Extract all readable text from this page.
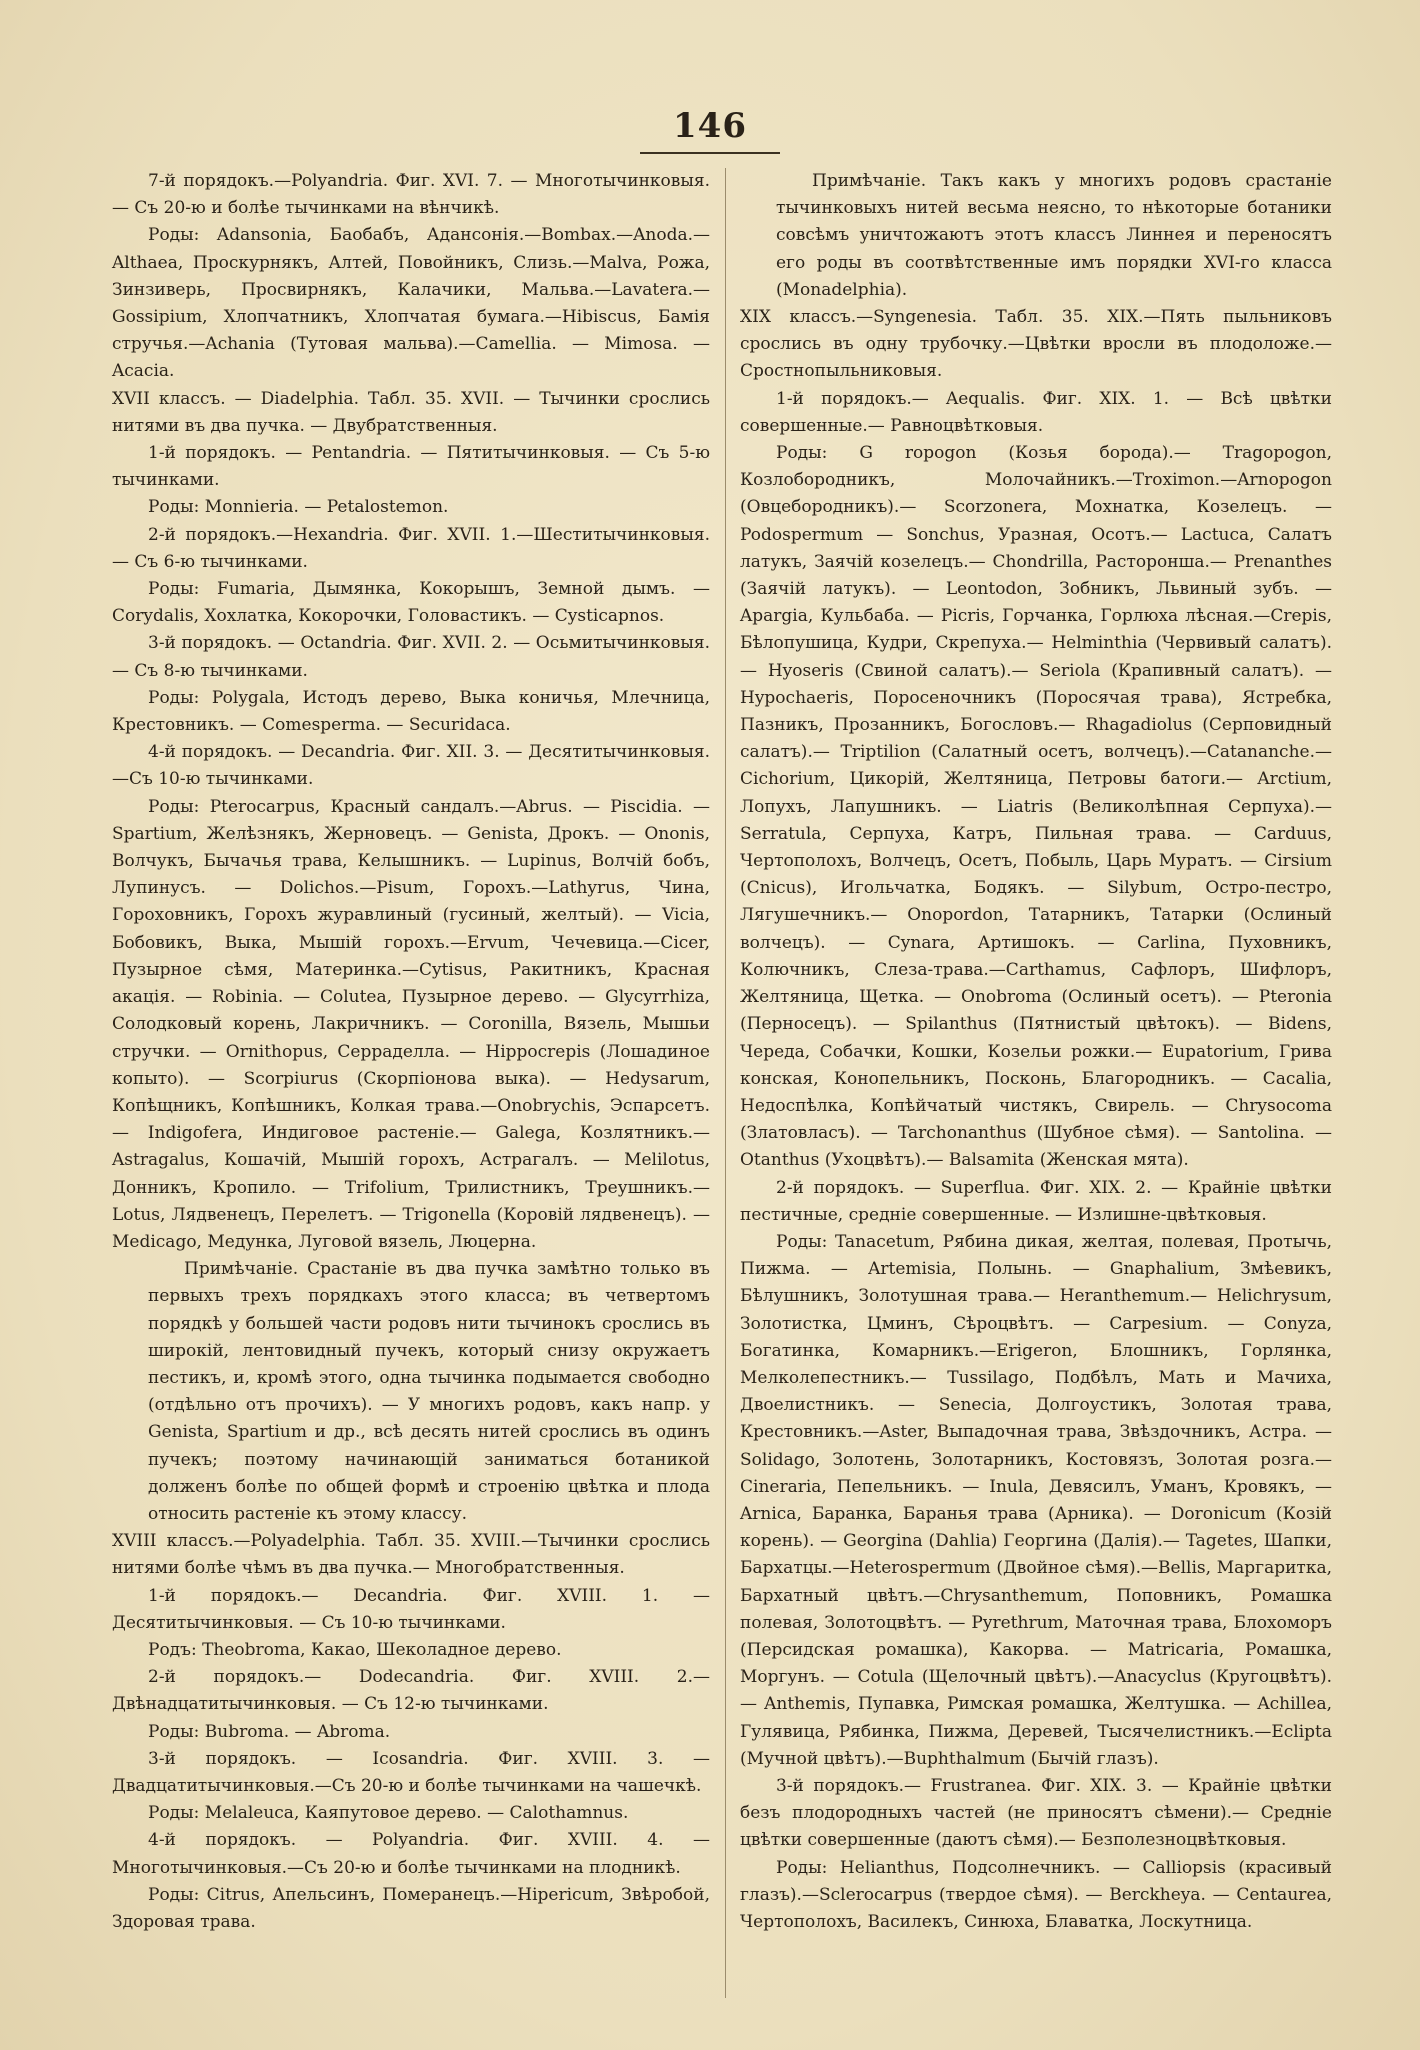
146

7-й порядокъ.—Polyandria. Фиг. XVI. 7. — Многотычинковыя. — Съ 20-ю и болѣе тычинками на вѣнчикѣ.

Роды: Adansonia, Баобабъ, Адансонія.—Bombax.—Anoda.—Althaea, Проскурнякъ, Алтей, Повойникъ, Слизь.—Malva, Рожа, Зинзиверь, Просвирнякъ, Калачики, Мальва.—Lavatera.—Gossipium, Хлопчатникъ, Хлопчатая бумага.—Hibiscus, Бамія стручья.—Achania (Тутовая мальва).—Camellia. — Mimosa. — Acacia.

XVII классъ. — Diadelphia. Табл. 35. XVII. — Тычинки срослись нитями въ два пучка. — Двубратственныя.

1-й порядокъ. — Pentandria. — Пятитычинковыя. — Съ 5-ю тычинками.

Роды: Monnieria. — Petalostemon.

2-й порядокъ.—Hexandria. Фиг. XVII. 1.—Шеститычинковыя. — Съ 6-ю тычинками.

Роды: Fumaria, Дымянка, Кокорышъ, Земной дымъ. — Corydalis, Хохлатка, Кокорочки, Головастикъ. — Cysticapnos.

3-й порядокъ. — Octandria. Фиг. XVII. 2. — Осьмитычинковыя.— Съ 8-ю тычинками.

Роды: Polygala, Истодъ дерево, Выка коничья, Млечница, Крестовникъ. — Comesperma. — Securidaca.

4-й порядокъ. — Decandria. Фиг. XII. 3. — Десятитычинковыя.—Съ 10-ю тычинками.

Роды: Pterocarpus, Красный сандалъ.—Abrus. — Piscidia. — Spartium, Желѣзнякъ, Жерновецъ. — Genista, Дрокъ. — Ononis, Волчукъ, Бычачья трава, Келышникъ. — Lupinus, Волчій бобъ, Лупинусъ. — Dolichos.—Pisum, Горохъ.—Lathyrus, Чина, Гороховникъ, Горохъ журавлиный (гусиный, желтый). — Vicia, Бобовикъ, Выка, Мышій горохъ.—Ervum, Чечевица.—Cicer, Пузырное сѣмя, Материнка.—Cytisus, Ракитникъ, Красная акація. — Robinia. — Colutea, Пузырное дерево. — Glycyrrhiza, Солодковый корень, Лакричникъ. — Coronilla, Вязель, Мышьи стручки. — Ornithopus, Серраделла. — Hippocrepis (Лошадиное копыто). — Scorpiurus (Скорпіонова выка). — Hedysarum, Копѣщникъ, Копѣшникъ, Колкая трава.—Onobrychis, Эспарсетъ. — Indigofera, Индиговое растеніе.— Galega, Козлятникъ.—Astragalus, Кошачій, Мышій горохъ, Астрагалъ. — Melilotus, Донникъ, Кропило. — Trifolium, Трилистникъ, Треушникъ.—Lotus, Лядвенецъ, Перелетъ. — Trigonella (Коровій лядвенецъ). — Medicago, Медунка, Луговой вязель, Люцерна.

Примѣчаніе. Срастаніе въ два пучка замѣтно только въ первыхъ трехъ порядкахъ этого класса; въ четвертомъ порядкѣ у большей части родовъ нити тычинокъ срослись въ широкій, лентовидный пучекъ, который снизу окружаетъ пестикъ, и, кромѣ этого, одна тычинка подымается свободно (отдѣльно отъ прочихъ). — У многихъ родовъ, какъ напр. у Genista, Spartium и др., всѣ десять нитей срослись въ одинъ пучекъ; поэтому начинающій заниматься ботаникой долженъ болѣе по общей формѣ и строенію цвѣтка и плода относить растеніе къ этому классу.

XVIII классъ.—Polyadelphia. Табл. 35. XVIII.—Тычинки срослись нитями болѣе чѣмъ въ два пучка.— Многобратственныя.

1-й порядокъ.— Decandria. Фиг. XVIII. 1. — Десятитычинковыя. — Съ 10-ю тычинками.

Родъ: Theobroma, Какао, Шеколадное дерево.

2-й порядокъ.— Dodecandria. Фиг. XVIII. 2.— Двѣнадцатитычинковыя. — Съ 12-ю тычинками.

Роды: Bubroma. — Abroma.

3-й порядокъ. — Icosandria. Фиг. XVIII. 3. — Двадцатитычинковыя.—Съ 20-ю и болѣе тычинками на чашечкѣ.

Роды: Melaleuca, Каяпутовое дерево. — Calothamnus.

4-й порядокъ. — Polyandria. Фиг. XVIII. 4. — Многотычинковыя.—Съ 20-ю и болѣе тычинками на плодникѣ.

Роды: Citrus, Апельсинъ, Померанецъ.—Hipericum, Звѣробой, Здоровая трава.

Примѣчаніе. Такъ какъ у многихъ родовъ срастаніе тычинковыхъ нитей весьма неясно, то нѣкоторые ботаники совсѣмъ уничтожаютъ этотъ классъ Линнея и переносятъ его роды въ соотвѣтственные имъ порядки XVI-го класса (Monadelphia).

XIX классъ.—Syngenesia. Табл. 35. XIX.—Пять пыльниковъ срослись въ одну трубочку.—Цвѣтки вросли въ плодоложе.— Сростнопыльниковыя.

1-й порядокъ.— Aequalis. Фиг. XIX. 1. — Всѣ цвѣтки совершенные.— Равноцвѣтковыя.

Роды: G ropogon (Козья борода).— Tragopogon, Козлобородникъ, Молочайникъ.—Troximon.—Arnopogon (Овцебородникъ).— Scorzonera, Мохнатка, Козелецъ. — Podospermum — Sonchus, Уразная, Осотъ.— Lactuca, Салатъ латукъ, Заячій козелецъ.— Chondrilla, Расторонша.— Prenanthes (Заячій латукъ). — Leontodon, Зобникъ, Львиный зубъ. — Apargia, Кульбаба. — Picris, Горчанка, Горлюха лѣсная.—Crepis, Бѣлопушица, Кудри, Скрепуха.— Helminthia (Червивый салатъ). — Hyoseris (Свиной салатъ).— Seriola (Крапивный салатъ). — Hypochaeris, Поросеночникъ (Поросячая трава), Ястребка, Пазникъ, Прозанникъ, Богословъ.— Rhagadiolus (Серповидный салатъ).— Triptilion (Салатный осетъ, волчецъ).—Catananche.—Cichorium, Цикорій, Желтяница, Петровы батоги.— Arctium, Лопухъ, Лапушникъ. — Liatris (Великолѣпная Серпуха).—Serratula, Серпуха, Катръ, Пильная трава. — Carduus, Чертополохъ, Волчецъ, Осетъ, Побыль, Царь Муратъ. — Cirsium (Cnicus), Игольчатка, Бодякъ. — Silybum, Остро-пестро, Лягушечникъ.— Onopordon, Татарникъ, Татарки (Ослиный волчецъ). — Cynara, Артишокъ. — Carlina, Пуховникъ, Колючникъ, Слеза-трава.—Carthamus, Сафлоръ, Шифлоръ, Желтяница, Щетка. — Onobroma (Ослиный осетъ). — Pteronia (Перносецъ). — Spilanthus (Пятнистый цвѣтокъ). — Bidens, Череда, Собачки, Кошки, Козельи рожки.— Eupatorium, Грива конская, Конопельникъ, Посконь, Благородникъ. — Cacalia, Недоспѣлка, Копѣйчатый чистякъ, Свирель. — Chrysocoma (Златовласъ). — Tarchonanthus (Шубное сѣмя). — Santolina. — Otanthus (Ухоцвѣтъ).— Balsamita (Женская мята).

2-й порядокъ. — Superflua. Фиг. XIX. 2. — Крайніе цвѣтки пестичные, средніе совершенные. — Излишне-цвѣтковыя.

Роды: Tanacetum, Рябина дикая, желтая, полевая, Протычь, Пижма. — Artemisia, Полынь. — Gnaphalium, Змѣевикъ, Бѣлушникъ, Золотушная трава.— Heranthemum.— Helichrysum, Золотистка, Цминъ, Сѣроцвѣтъ. — Carpesium. — Conyza, Богатинка, Комарникъ.—Erigeron, Блошникъ, Горлянка, Мелколепестникъ.— Tussilago, Подбѣлъ, Мать и Мачиха, Двоелистникъ. — Senecia, Долгоустикъ, Золотая трава, Крестовникъ.—Aster, Выпадочная трава, Звѣздочникъ, Астра. — Solidago, Золотень, Золотарникъ, Костовязъ, Золотая розга.—Cineraria, Пепельникъ. — Inula, Девясилъ, Уманъ, Кровякъ, — Arnica, Баранка, Баранья трава (Арника). — Doronicum (Козій корень). — Georgina (Dahlia) Георгина (Далія).— Tagetes, Шапки, Бархатцы.—Heterospermum (Двойное сѣмя).—Bellis, Маргаритка, Бархатный цвѣтъ.—Chrysanthemum, Поповникъ, Ромашка полевая, Золотоцвѣтъ. — Pyrethrum, Маточная трава, Блохоморъ (Персидская ромашка), Какорва. — Matricaria, Ромашка, Моргунъ. — Cotula (Щелочный цвѣтъ).—Anacyclus (Кругоцвѣтъ). — Anthemis, Пупавка, Римская ромашка, Желтушка. — Achillea, Гулявица, Рябинка, Пижма, Деревей, Тысячелистникъ.—Eclipta (Мучной цвѣтъ).—Buphthalmum (Бычій глазъ).

3-й порядокъ.— Frustranea. Фиг. XIX. 3. — Крайніе цвѣтки безъ плодородныхъ частей (не приносятъ сѣмени).— Средніе цвѣтки совершенные (даютъ сѣмя).— Безполезноцвѣтковыя.

Роды: Helianthus, Подсолнечникъ. — Calliopsis (красивый глазъ).—Sclerocarpus (твердое сѣмя). — Berckheya. — Centaurea, Чертополохъ, Василекъ, Синюха, Блаватка, Лоскутница.
